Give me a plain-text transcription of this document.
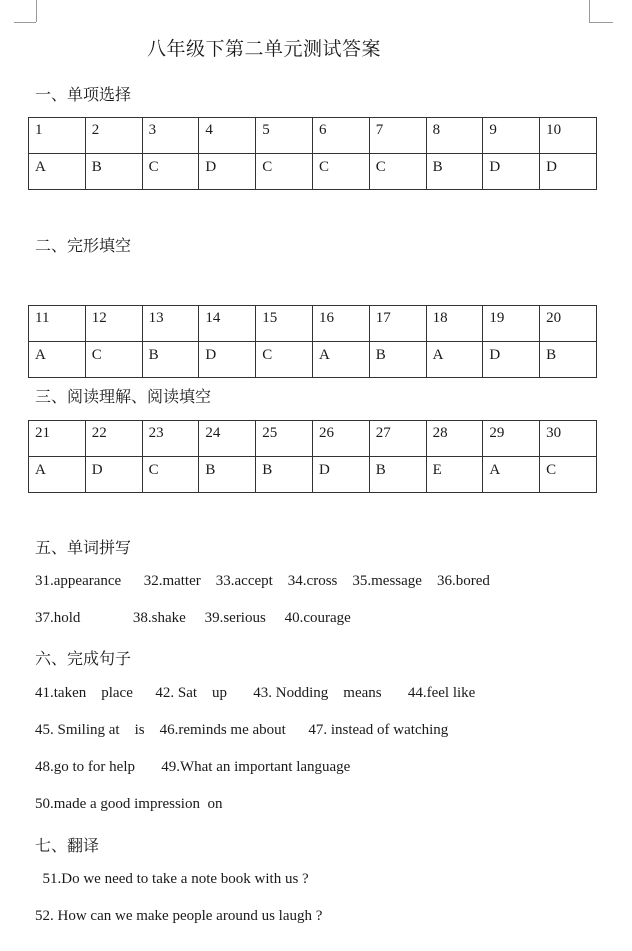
八年级下第二单元测试答案
一、单项选择
1	2	3	4	5	6	7	8	9	10
A	B	C	D	C	C	C	B	D	D
二、完形填空
11	12	13	14	15	16	17	18	19	20
A	C	B	D	C	A	B	A	D	B
三、阅读理解、阅读填空
21	22	23	24	25	26	27	28	29	30
A	D	C	B	B	D	B	E	A	C
五、单词拼写
31.appearance      32.matter    33.accept    34.cross    35.message    36.bored
37.hold              38.shake     39.serious     40.courage
六、完成句子
41.taken    place      42. Sat    up       43. Nodding    means       44.feel like
45. Smiling at    is    46.reminds me about      47. instead of watching
48.go to for help       49.What an important language
50.made a good impression  on
七、翻译
51.Do we need to take a note book with us ?
52. How can we make people around us laugh ?
